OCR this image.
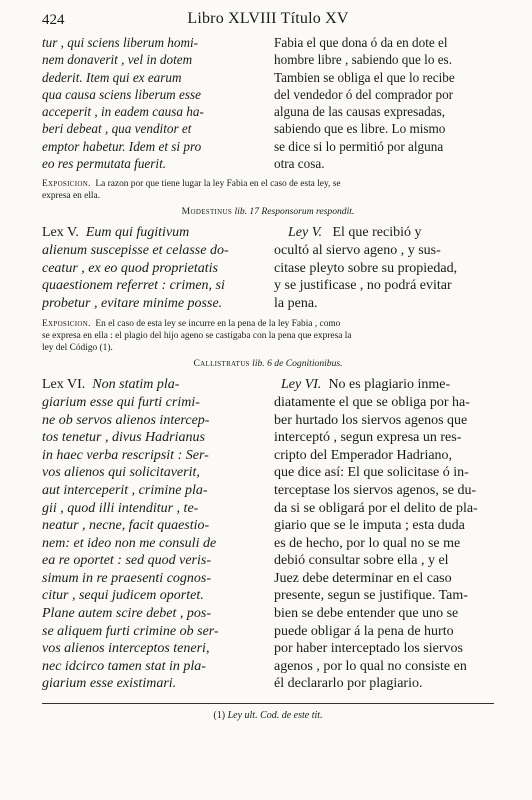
424	Libro XLVIII Título XV
tur , qui sciens liberum homi-
nem donaverit , vel in dotem
dederit. Item qui ex earum
qua causa sciens liberum esse
acceperit , in eadem causa ha-
beri debeat , qua venditor et
emptor habetur. Idem et si pro
eo res permutata fuerit.
Fabia el que dona ó da en dote el
hombre libre , sabiendo que lo es.
Tambien se obliga el que lo recibe
del vendedor ó del comprador por
alguna de las causas expresadas,
sabiendo que es libre. Lo mismo
se dice si lo permitió por alguna
otra cosa.
Exposicion. La razon por que tiene lugar la ley Fabia en el caso de esta ley, se
expresa en ella.
Modestinus lib. 17 Responsorum respondit.
Lex V. Eum qui fugitivum
alienum suscepisse et celasse do-
ceatur , ex eo quod proprietatis
quaestionem referret : crimen, si
probetur , evitare minime posse.
Ley V. El que recibió y
ocultó al siervo ageno , y sus-
citase pleyto sobre su propiedad,
y se justificase , no podrá evitar
la pena.
Exposicion. En el caso de esta ley se incurre en la pena de la ley Fabia , como
se expresa en ella : el plagio del hijo ageno se castigaba con la pena que expresa la
ley del Código (1).
Callistratus lib. 6 de Cognitionibus.
Lex VI. Non statim pla-
giarium esse qui furti crimi-
ne ob servos alienos intercep-
tos tenetur , divus Hadrianus
in haec verba rescripsit : Ser-
vos alienos qui solicitaverit,
aut interceperit , crimine pla-
gii , quod illi intenditur , te-
neatur , necne, facit quaestio-
nem: et ideo non me consuli de
ea re oportet : sed quod veris-
simum in re praesenti cognos-
citur , sequi judicem oportet.
Plane autem scire debet , pos-
se aliquem furti crimine ob ser-
vos alienos interceptos teneri,
nec idcirco tamen stat in pla-
giarium esse existimari.
Ley VI. No es plagiario inme-
diatamente el que se obliga por ha-
ber hurtado los siervos agenos que
interceptó , segun expresa un res-
cripto del Emperador Hadriano,
que dice así: El que solicitase ó in-
terceptase los siervos agenos, se du-
da si se obligará por el delito de pla-
giario que se le imputa ; esta duda
es de hecho, por lo qual no se me
debió consultar sobre ella , y el
Juez debe determinar en el caso
presente, segun se justifique. Tam-
bien se debe entender que uno se
puede obligar á la pena de hurto
por haber interceptado los siervos
agenos , por lo qual no consiste en
él declararlo por plagiario.
(1) Ley ult. Cod. de este tit.
